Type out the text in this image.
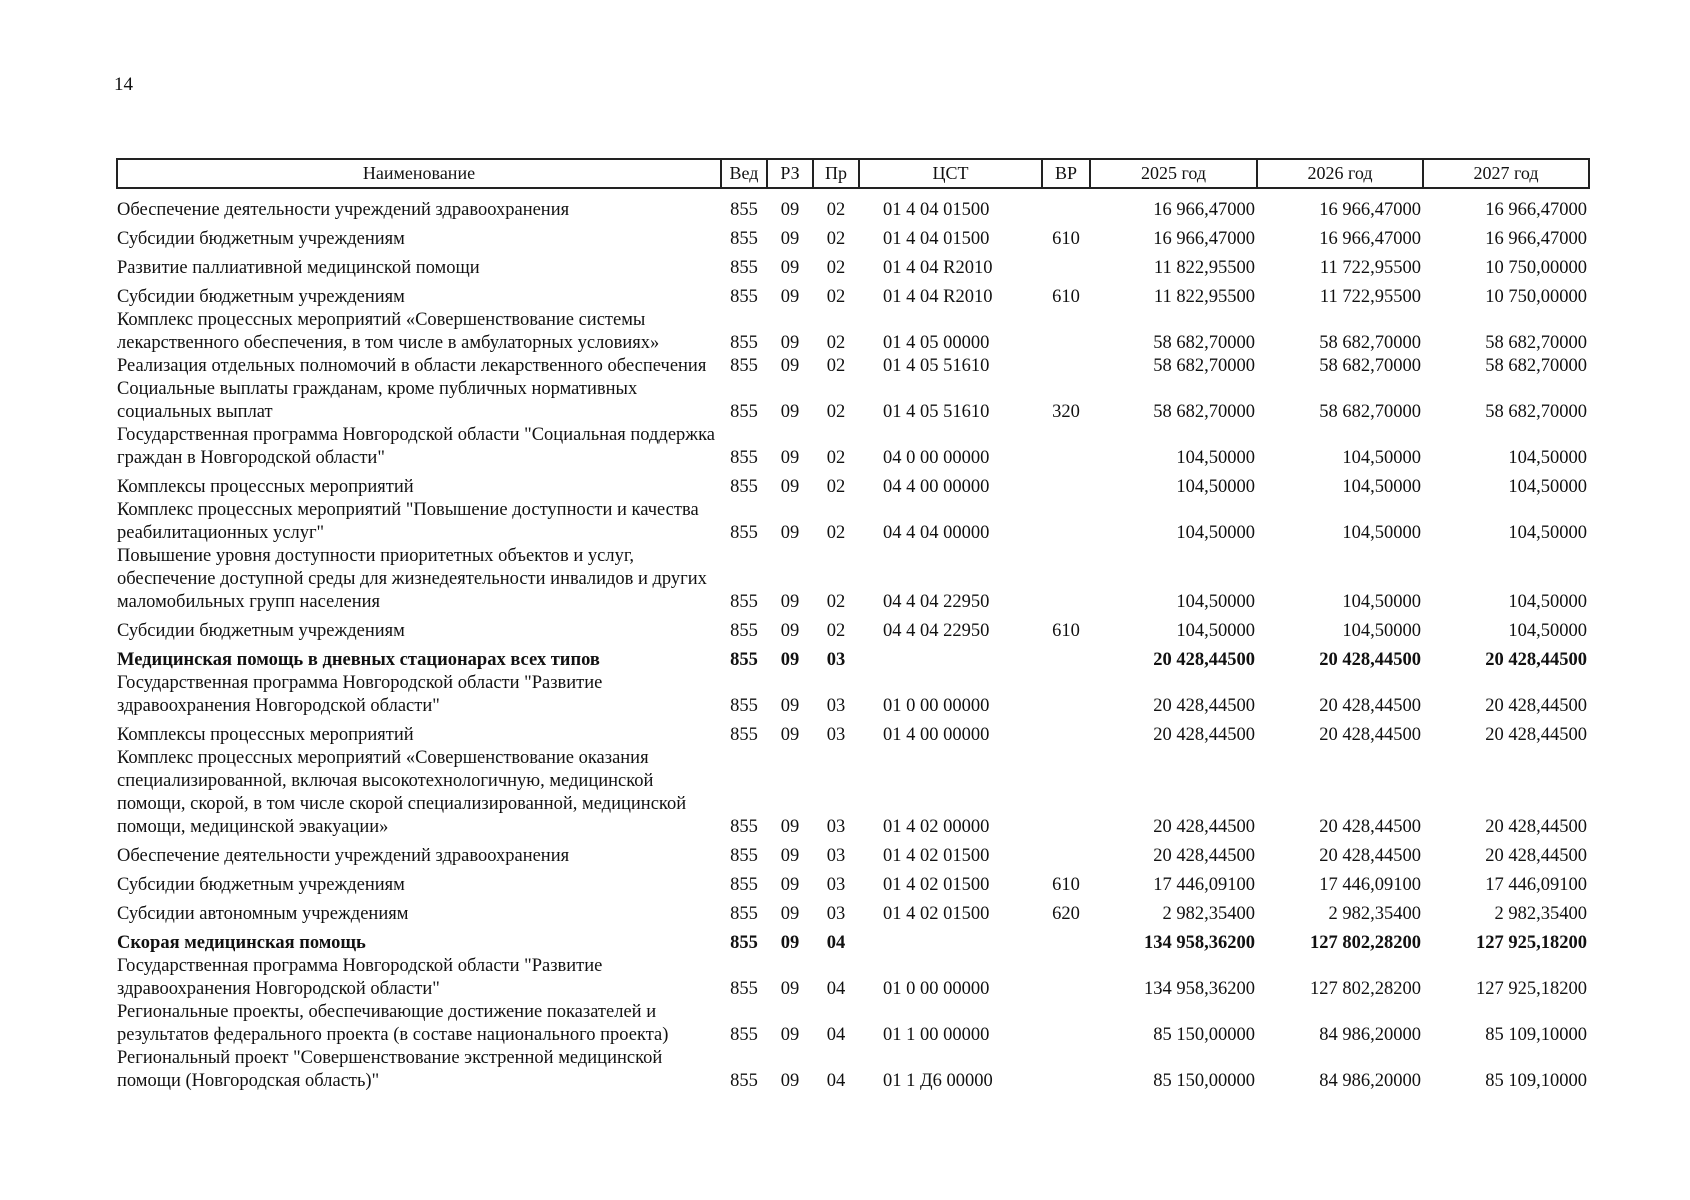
14
Наименование	Вед	РЗ	Пр	ЦСТ	ВР	2025 год	2026 год	2027 год
Обеспечение деятельности учреждений здравоохранения	855	09	02	01 4 04 01500		16 966,47000	16 966,47000	16 966,47000
Субсидии бюджетным учреждениям	855	09	02	01 4 04 01500	610	16 966,47000	16 966,47000	16 966,47000
Развитие паллиативной медицинской помощи	855	09	02	01 4 04 R2010		11 822,95500	11 722,95500	10 750,00000
Субсидии бюджетным учреждениям	855	09	02	01 4 04 R2010	610	11 822,95500	11 722,95500	10 750,00000
Комплекс процессных мероприятий «Совершенствование системы лекарственного обеспечения, в том числе в амбулаторных условиях»	855	09	02	01 4 05 00000		58 682,70000	58 682,70000	58 682,70000
Реализация отдельных полномочий в области лекарственного обеспечения	855	09	02	01 4 05 51610		58 682,70000	58 682,70000	58 682,70000
Социальные выплаты гражданам, кроме публичных нормативных социальных выплат	855	09	02	01 4 05 51610	320	58 682,70000	58 682,70000	58 682,70000
Государственная программа Новгородской области "Социальная поддержка граждан в Новгородской области"	855	09	02	04 0 00 00000		104,50000	104,50000	104,50000
Комплексы процессных мероприятий	855	09	02	04 4 00 00000		104,50000	104,50000	104,50000
Комплекс процессных мероприятий "Повышение доступности и качества реабилитационных услуг"	855	09	02	04 4 04 00000		104,50000	104,50000	104,50000
Повышение уровня доступности приоритетных объектов и услуг, обеспечение доступной среды для жизнедеятельности инвалидов и других маломобильных групп населения	855	09	02	04 4 04 22950		104,50000	104,50000	104,50000
Субсидии бюджетным учреждениям	855	09	02	04 4 04 22950	610	104,50000	104,50000	104,50000
Медицинская помощь в дневных стационарах всех типов	855	09	03			20 428,44500	20 428,44500	20 428,44500
Государственная программа Новгородской области "Развитие здравоохранения Новгородской области"	855	09	03	01 0 00 00000		20 428,44500	20 428,44500	20 428,44500
Комплексы процессных мероприятий	855	09	03	01 4 00 00000		20 428,44500	20 428,44500	20 428,44500
Комплекс процессных мероприятий «Совершенствование оказания специализированной, включая высокотехнологичную, медицинской помощи, скорой, в том числе скорой специализированной, медицинской помощи, медицинской эвакуации»	855	09	03	01 4 02 00000		20 428,44500	20 428,44500	20 428,44500
Обеспечение деятельности учреждений здравоохранения	855	09	03	01 4 02 01500		20 428,44500	20 428,44500	20 428,44500
Субсидии бюджетным учреждениям	855	09	03	01 4 02 01500	610	17 446,09100	17 446,09100	17 446,09100
Субсидии автономным учреждениям	855	09	03	01 4 02 01500	620	2 982,35400	2 982,35400	2 982,35400
Скорая медицинская помощь	855	09	04			134 958,36200	127 802,28200	127 925,18200
Государственная программа Новгородской области "Развитие здравоохранения Новгородской области"	855	09	04	01 0 00 00000		134 958,36200	127 802,28200	127 925,18200
Региональные проекты, обеспечивающие достижение показателей и результатов федерального проекта (в составе национального проекта)	855	09	04	01 1 00 00000		85 150,00000	84 986,20000	85 109,10000
Региональный проект "Совершенствование экстренной медицинской помощи (Новгородская область)"	855	09	04	01 1 Д6 00000		85 150,00000	84 986,20000	85 109,10000
